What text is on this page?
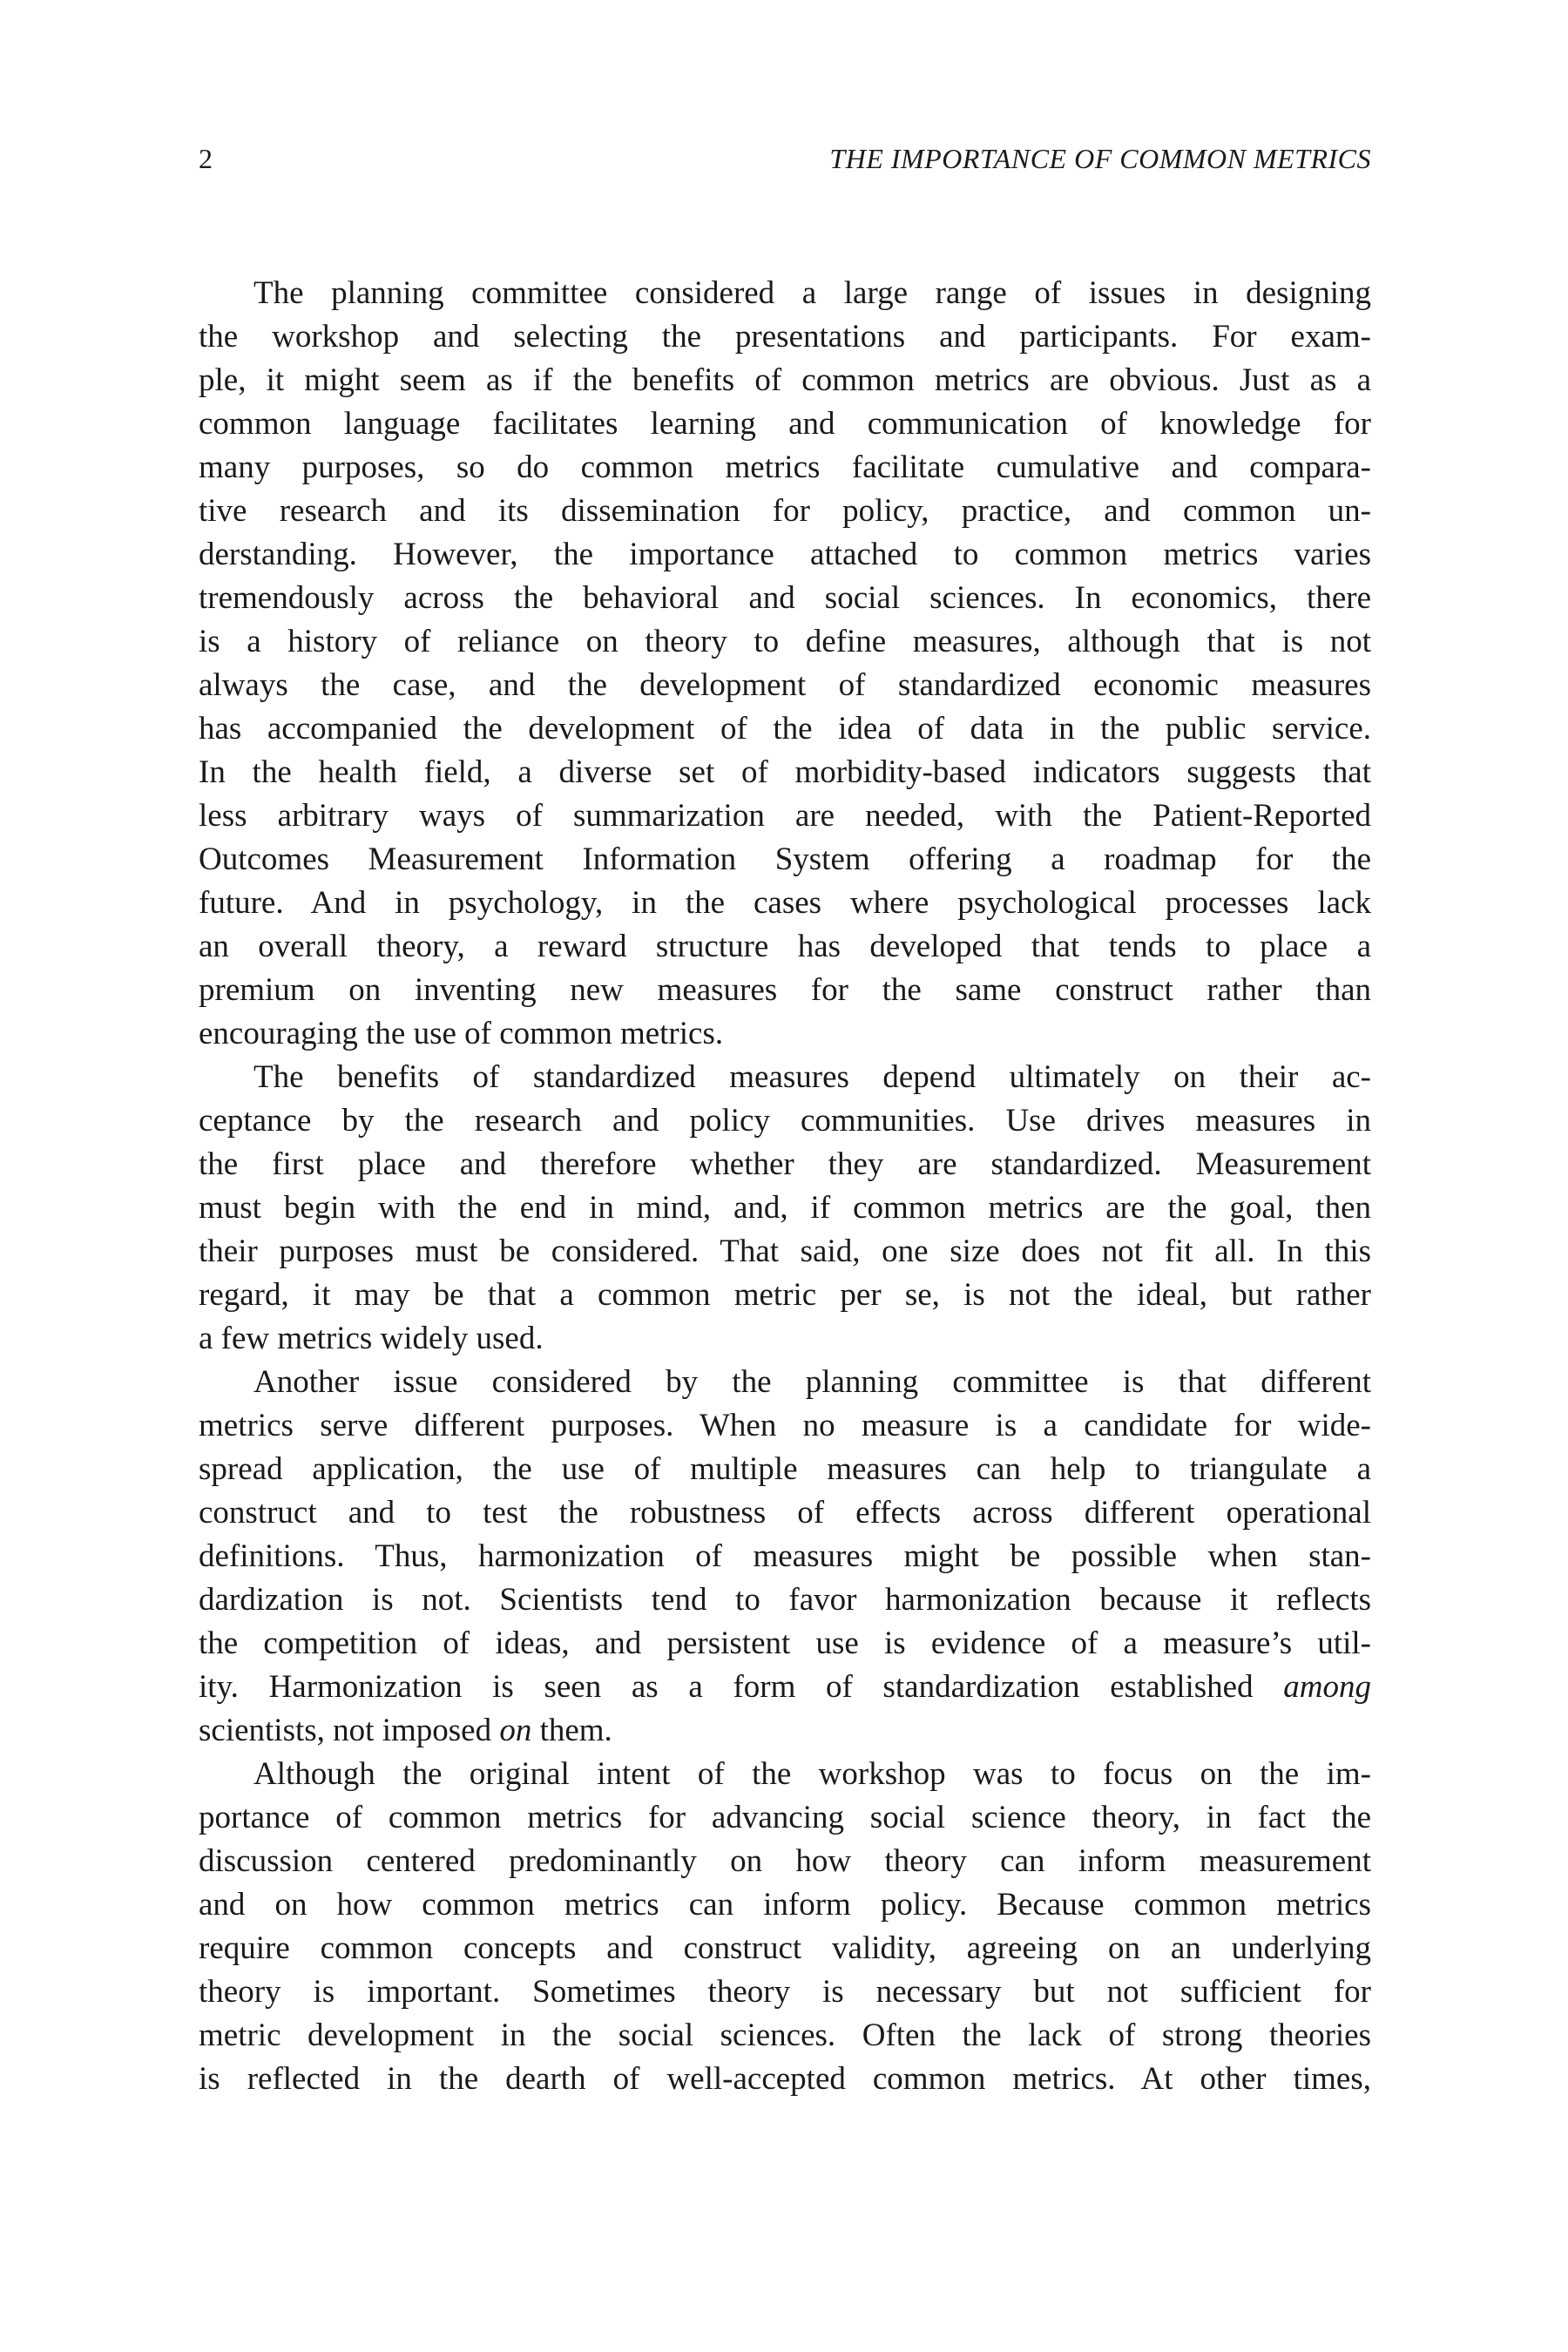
2	THE IMPORTANCE OF COMMON METRICS
The planning committee considered a large range of issues in designing
the workshop and selecting the presentations and participants. For exam-
ple, it might seem as if the benefits of common metrics are obvious. Just as a
common language facilitates learning and communication of knowledge for
many purposes, so do common metrics facilitate cumulative and compara-
tive research and its dissemination for policy, practice, and common un-
derstanding. However, the importance attached to common metrics varies
tremendously across the behavioral and social sciences. In economics, there
is a history of reliance on theory to define measures, although that is not
always the case, and the development of standardized economic measures
has accompanied the development of the idea of data in the public service.
In the health field, a diverse set of morbidity-based indicators suggests that
less arbitrary ways of summarization are needed, with the Patient-Reported
Outcomes Measurement Information System offering a roadmap for the
future. And in psychology, in the cases where psychological processes lack
an overall theory, a reward structure has developed that tends to place a
premium on inventing new measures for the same construct rather than
encouraging the use of common metrics.
The benefits of standardized measures depend ultimately on their ac-
ceptance by the research and policy communities. Use drives measures in
the first place and therefore whether they are standardized. Measurement
must begin with the end in mind, and, if common metrics are the goal, then
their purposes must be considered. That said, one size does not fit all. In this
regard, it may be that a common metric per se, is not the ideal, but rather
a few metrics widely used.
Another issue considered by the planning committee is that different
metrics serve different purposes. When no measure is a candidate for wide-
spread application, the use of multiple measures can help to triangulate a
construct and to test the robustness of effects across different operational
definitions. Thus, harmonization of measures might be possible when stan-
dardization is not. Scientists tend to favor harmonization because it reflects
the competition of ideas, and persistent use is evidence of a measure’s util-
ity. Harmonization is seen as a form of standardization established among
scientists, not imposed on them.
Although the original intent of the workshop was to focus on the im-
portance of common metrics for advancing social science theory, in fact the
discussion centered predominantly on how theory can inform measurement
and on how common metrics can inform policy. Because common metrics
require common concepts and construct validity, agreeing on an underlying
theory is important. Sometimes theory is necessary but not sufficient for
metric development in the social sciences. Often the lack of strong theories
is reflected in the dearth of well-accepted common metrics. At other times,
